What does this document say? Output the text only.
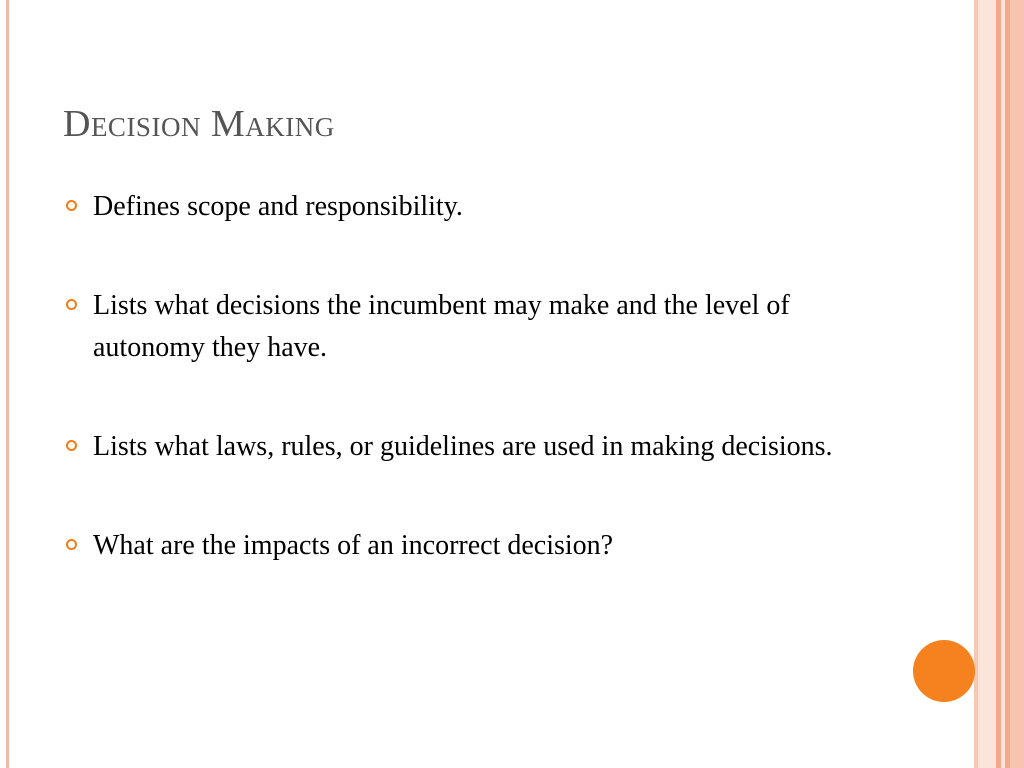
Decision Making
Defines scope and responsibility.
Lists what decisions the incumbent may make and the level of autonomy they have.
Lists what laws, rules, or guidelines are used in making decisions.
What are the impacts of an incorrect decision?
